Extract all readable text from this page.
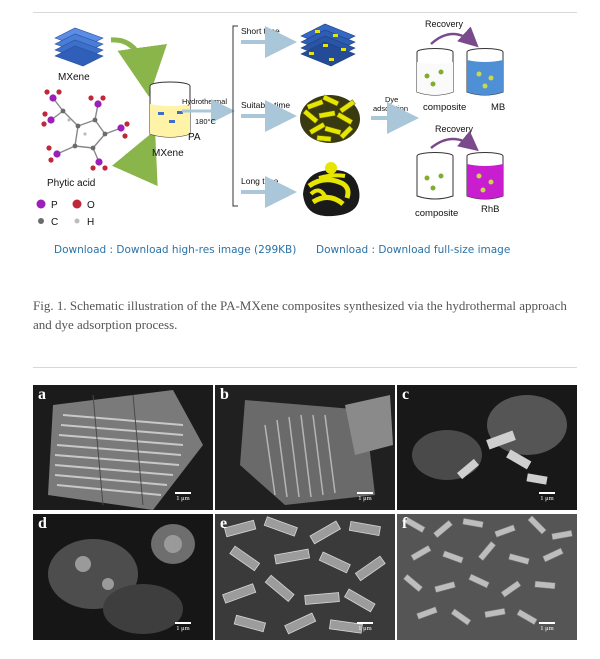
MXene
Phytic acid
P	O
C	H
MXene
Hydrothermal
180°C
PA
Short time
Suitable time
Long time
Dye
adsorption
Recovery
composite	MB
Recovery
composite RhB
Download : Download high-res image (299KB) Download : Download full-size image
Fig. 1. Schematic illustration of the PA-MXene composites synthesized via the hydrothermal approach and dye adsorption process.
a
1 μm
b
1 μm
c
1 μm
d
1 μm
e
1 μm
f
1 μm
